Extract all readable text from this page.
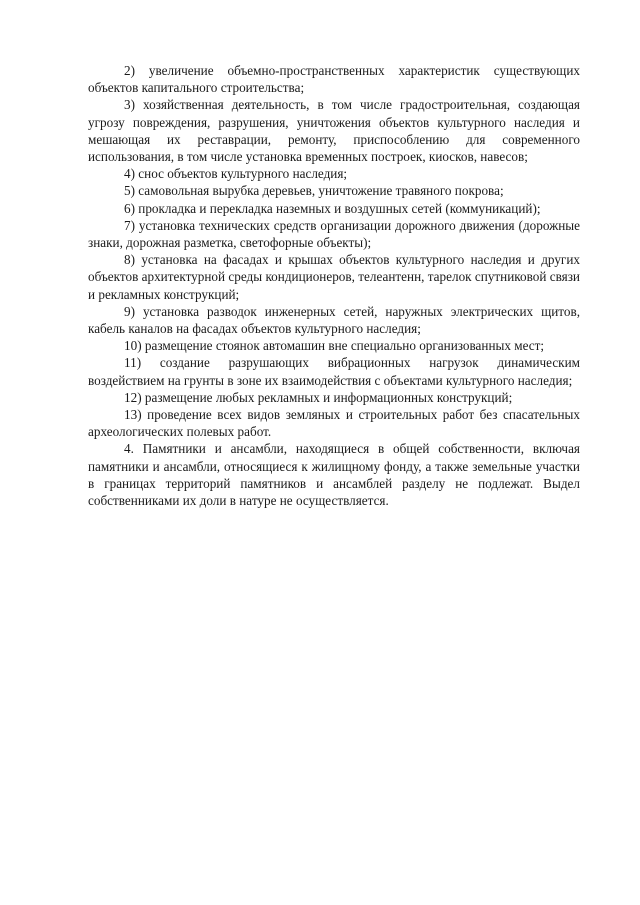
2) увеличение объемно-пространственных характеристик существующих объектов капитального строительства;

3) хозяйственная деятельность, в том числе градостроительная, создающая угрозу повреждения, разрушения, уничтожения объектов культурного наследия и мешающая их реставрации, ремонту, приспособлению для современного использования, в том числе установка временных построек, киосков, навесов;

4) снос объектов культурного наследия;

5) самовольная вырубка деревьев, уничтожение травяного покрова;

6) прокладка и перекладка наземных и воздушных сетей (коммуникаций);

7) установка технических средств организации дорожного движения (дорожные знаки, дорожная разметка, светофорные объекты);

8) установка на фасадах и крышах объектов культурного наследия и других объектов архитектурной среды кондиционеров, телеантенн, тарелок спутниковой связи и рекламных конструкций;

9) установка разводок инженерных сетей, наружных электрических щитов, кабель каналов на фасадах объектов культурного наследия;

10) размещение стоянок автомашин вне специально организованных мест;

11) создание разрушающих вибрационных нагрузок динамическим воздействием на грунты в зоне их взаимодействия с объектами культурного наследия;

12) размещение любых рекламных и информационных конструкций;

13) проведение всех видов земляных и строительных работ без спасательных археологических полевых работ.

4. Памятники и ансамбли, находящиеся в общей собственности, включая памятники и ансамбли, относящиеся к жилищному фонду, а также земельные участки в границах территорий памятников и ансамблей разделу не подлежат. Выдел собственниками их доли в натуре не осуществляется.
